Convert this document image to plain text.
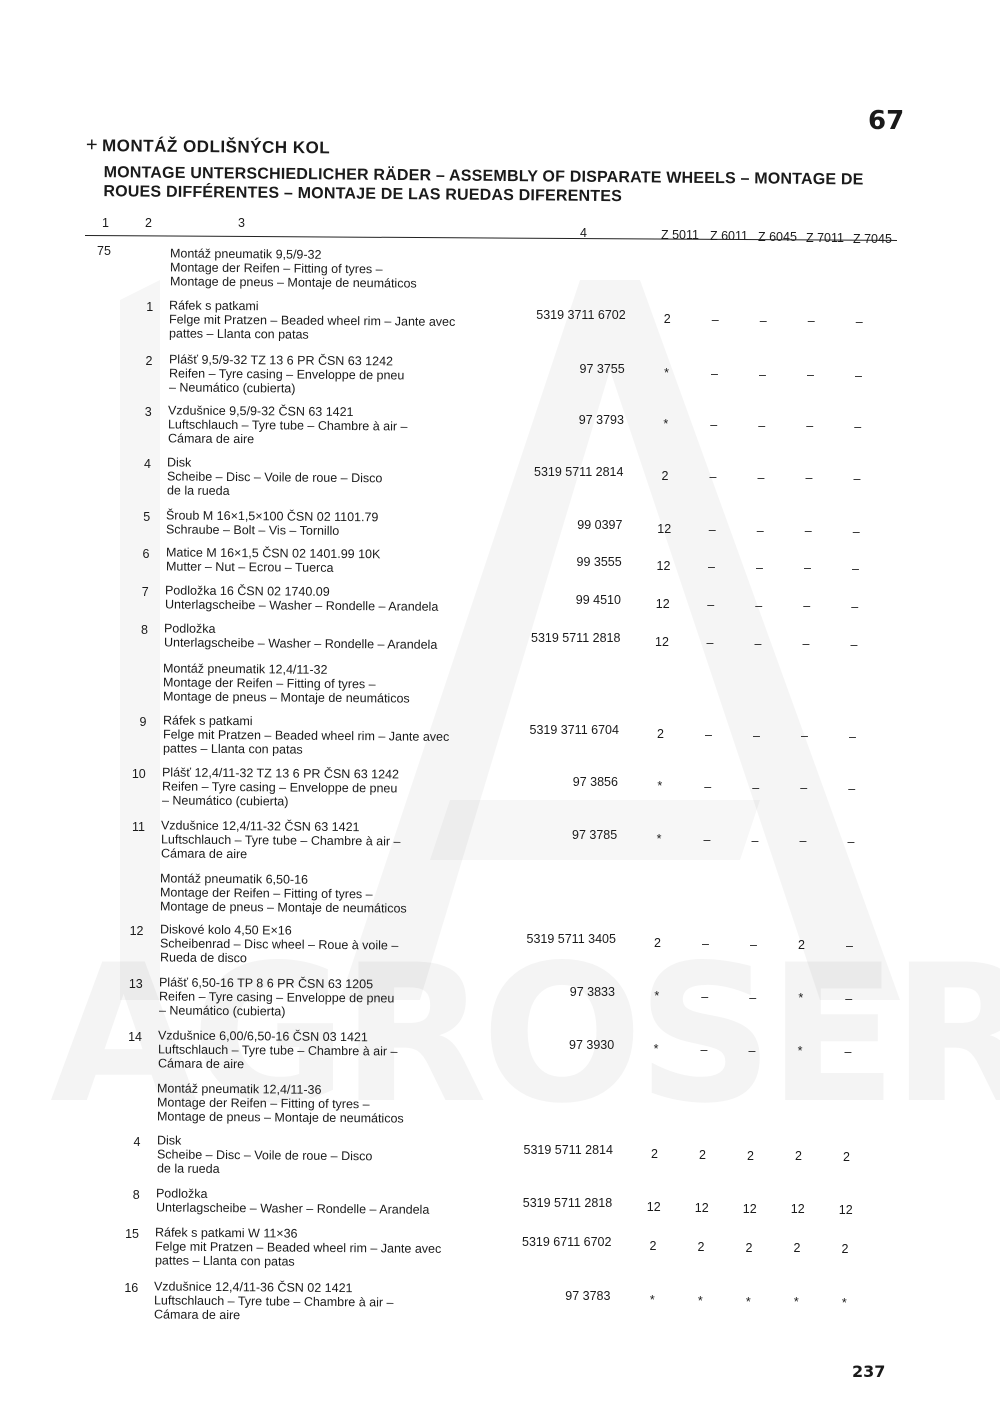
67
+ MONTÁŽ ODLIŠNÝCH KOL
MONTAGE UNTERSCHIEDLICHER RÄDER – ASSEMBLY OF DISPARATE WHEELS – MONTAGE DE ROUES DIFFÉRENTES – MONTAJE DE LAS RUEDAS DIFERENTES
1	2	3
4	Z 5011 Z 6011 Z 6045 Z 7011 Z 7045
75	Montáž pneumatik 9,5/9-32
Montage der Reifen – Fitting of tyres –
Montage de pneus – Montaje de neumáticos
1 Ráfek s patkami
Felge mit Pratzen – Beaded wheel rim – Jante avec
pattes – Llanta con patas
5319 3711 6702	2	–	–	–	–
2 Plášť 9,5/9-32 TZ 13 6 PR ČSN 63 1242
Reifen – Tyre casing – Enveloppe de pneu
– Neumático (cubierta)
97 3755	*	–	–	–	–
3 Vzdušnice 9,5/9-32 ČSN 63 1421
Luftschlauch – Tyre tube – Chambre à air –
Cámara de aire
97 3793	*	–	–	–	–
4 Disk
Scheibe – Disc – Voile de roue – Disco
de la rueda
5319 5711 2814	2	–	–	–	–
5 Šroub M 16×1,5×100 ČSN 02 1101.79
Schraube – Bolt – Vis – Tornillo	99 0397	12	–	–	–	–
6 Matice M 16×1,5 ČSN 02 1401.99 10K
Mutter – Nut – Ecrou – Tuerca	99 3555	12	–	–	–	–
7 Podložka 16 ČSN 02 1740.09
Unterlagscheibe – Washer – Rondelle – Arandela	99 4510	12	–	–	–	–
8 Podložka
Unterlagscheibe – Washer – Rondelle – Arandela	5319 5711 2818	12	–	–	–	–
Montáž pneumatik 12,4/11-32
Montage der Reifen – Fitting of tyres –
Montage de pneus – Montaje de neumáticos
9 Ráfek s patkami
Felge mit Pratzen – Beaded wheel rim – Jante avec
pattes – Llanta con patas
5319 3711 6704	2	–	–	–	–
10 Plášť 12,4/11-32 TZ 13 6 PR ČSN 63 1242
Reifen – Tyre casing – Enveloppe de pneu
– Neumático (cubierta)
97 3856	*	–	–	–	–
11 Vzdušnice 12,4/11-32 ČSN 63 1421
Luftschlauch – Tyre tube – Chambre à air –
Cámara de aire
97 3785	*	–	–	–	–
Montáž pneumatik 6,50-16
Montage der Reifen – Fitting of tyres –
Montage de pneus – Montaje de neumáticos
12 Diskové kolo 4,50 E×16
Scheibenrad – Disc wheel – Roue à voile –
Rueda de disco
5319 5711 3405	2	–	–	2	–
13 Plášť 6,50-16 TP 8 6 PR ČSN 63 1205
Reifen – Tyre casing – Enveloppe de pneu
– Neumático (cubierta)
97 3833	*	–	–	*	–
14 Vzdušnice 6,00/6,50-16 ČSN 03 1421
Luftschlauch – Tyre tube – Chambre à air –
Cámara de aire
97 3930	*	–	–	*	–
Montáž pneumatik 12,4/11-36
Montage der Reifen – Fitting of tyres –
Montage de pneus – Montaje de neumáticos
4 Disk
Scheibe – Disc – Voile de roue – Disco
de la rueda
5319 5711 2814	2	2	2	2	2
8 Podložka
Unterlagscheibe – Washer – Rondelle – Arandela	5319 5711 2818	12	12	12	12	12
15 Ráfek s patkami W 11×36
Felge mit Pratzen – Beaded wheel rim – Jante avec
pattes – Llanta con patas
5319 6711 6702	2	2	2	2	2
16 Vzdušnice 12,4/11-36 ČSN 02 1421
Luftschlauch – Tyre tube – Chambre à air –
Cámara de aire
97 3783	*	*	*	*	*
237
